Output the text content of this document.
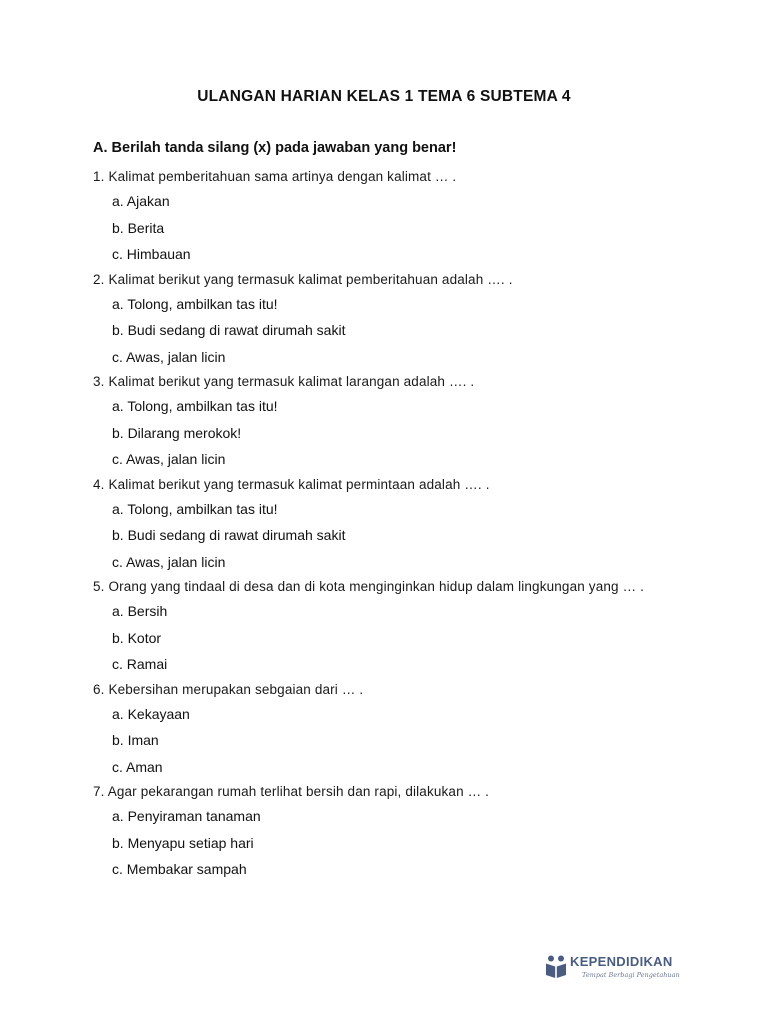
ULANGAN HARIAN KELAS 1 TEMA 6 SUBTEMA 4
A. Berilah tanda silang (x) pada jawaban yang benar!
1. Kalimat pemberitahuan sama artinya dengan kalimat … .
a. Ajakan
b. Berita
c. Himbauan
2. Kalimat berikut yang termasuk kalimat pemberitahuan adalah …. .
a. Tolong, ambilkan tas itu!
b. Budi sedang di rawat dirumah sakit
c. Awas, jalan licin
3. Kalimat berikut yang termasuk kalimat larangan adalah …. .
a. Tolong, ambilkan tas itu!
b. Dilarang merokok!
c. Awas, jalan licin
4. Kalimat berikut yang termasuk kalimat permintaan adalah …. .
a. Tolong, ambilkan tas itu!
b. Budi sedang di rawat dirumah sakit
c. Awas, jalan licin
5. Orang yang tindaal di desa dan di kota menginginkan hidup dalam lingkungan yang … .
a. Bersih
b. Kotor
c. Ramai
6. Kebersihan merupakan sebgaian dari … .
a. Kekayaan
b. Iman
c. Aman
7. Agar pekarangan rumah terlihat bersih dan rapi, dilakukan … .
a. Penyiraman tanaman
b. Menyapu setiap hari
c. Membakar sampah
KEPENDIDIKAN
Tempat Berbagi Pengetahuan
